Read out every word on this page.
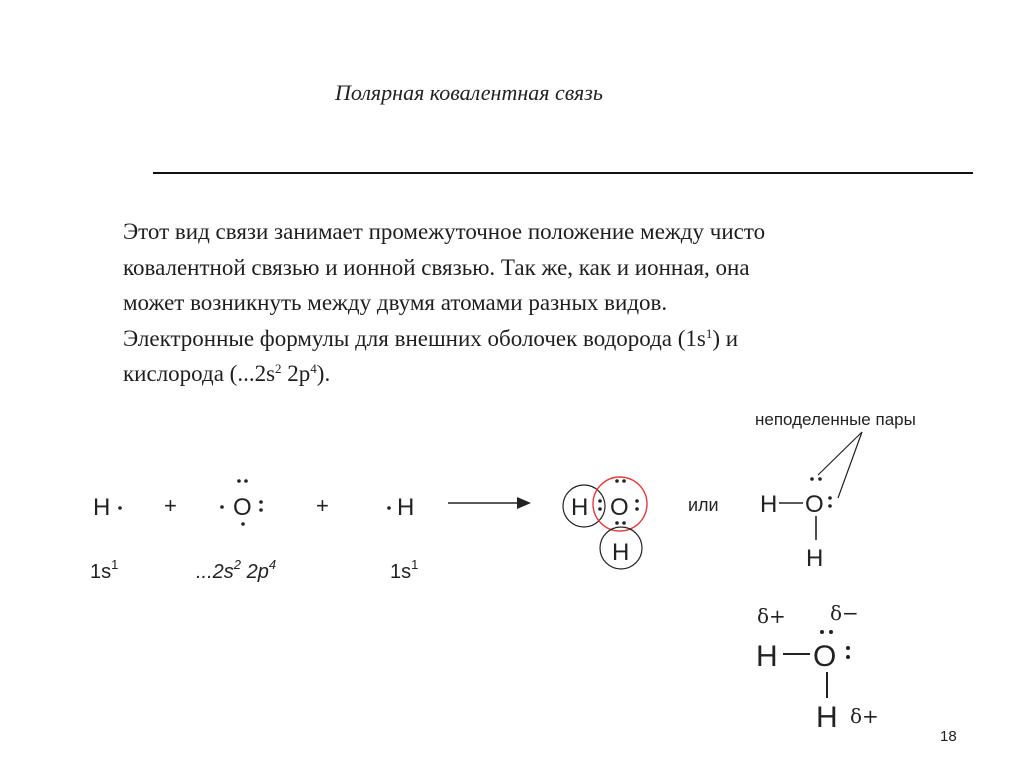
Полярная ковалентная связь
Этот вид связи занимает промежуточное положение между чисто
ковалентной связью и ионной связью. Так же, как и ионная, она
может возникнуть между двумя атомами разных видов.
Электронные формулы для внешних оболочек водорода $(1s^1)$ и
кислорода ($...2s^2$ $2p^4$).
H + O	+	H
$1s^1$	$...2s^2$ $2p^4$	$1s^1$
H O
H
или
неподеленные пары
H O
H
δ+ δ−
H O
H δ+
18
